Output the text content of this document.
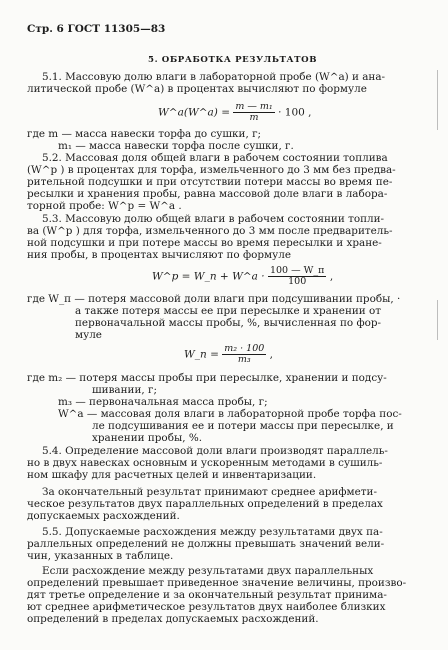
Стр. 6 ГОСТ 11305—83
5. ОБРАБОТКА РЕЗУЛЬТАТОВ

5.1. Массовую долю влаги в лабораторной пробе (W^a) и ана-

литической пробе (W^a) в процентах вычисляют по формуле

W^a(W^a) = $\frac{\text{m — m₁}}{m} \cdot 100$ ,

где m — масса навески торфа до сушки, г;

m₁ — масса навески торфа после сушки, г.

5.2. Массовая доля общей влаги в рабочем состоянии топлива

(W^p ) в процентах для торфа, измельченного до 3 мм без предва-

рительной подсушки и при отсутствии потери массы во время пе-

ресылки и хранения пробы, равна массовой доле влаги в лабора-

торной пробе: W^p = W^a .

5.3. Массовую долю общей влаги в рабочем состоянии топли-

ва (W^p ) для торфа, измельченного до 3 мм после предваритель-

ной подсушки и при потере массы во время пересылки и хране-

ния пробы, в процентах вычисляют по формуле

W^p = W_п + W^a · $\frac{100 — W\_п}{100}$ ,

где W_п — потеря массовой доли влаги при подсушивании пробы, ·

а также потеря массы ее при пересылке и хранении от

первоначальной массы пробы, %, вычисленная по фор-

муле

W_п = $\frac{\text{m₂ · 100}}{\text{m₃}}$ ,

где m₂ — потеря массы пробы при пересылке, хранении и подсу-

шивании, г;

m₃ — первоначальная масса пробы, г;

W^a — массовая доля влаги в лабораторной пробе торфа пос-

ле подсушивания ее и потери массы при пересылке, и

хранении пробы, %.

5.4. Определение массовой доли влаги производят параллель-

но в двух навесках основным и ускоренным методами в сушиль-

ном шкафу для расчетных целей и инвентаризации.

За окончательный результат принимают среднее арифмети-

ческое результатов двух параллельных определений в пределах

допускаемых расхождений.

5.5. Допускаемые расхождения между результатами двух па-

раллельных определений не должны превышать значений вели-

чин, указанных в таблице.

Если расхождение между результатами двух параллельных

определений превышает приведенное значение величины, произво-

дят третье определение и за окончательный результат принима-

ют среднее арифметическое результатов двух наиболее близких

определений в пределах допускаемых расхождений.
